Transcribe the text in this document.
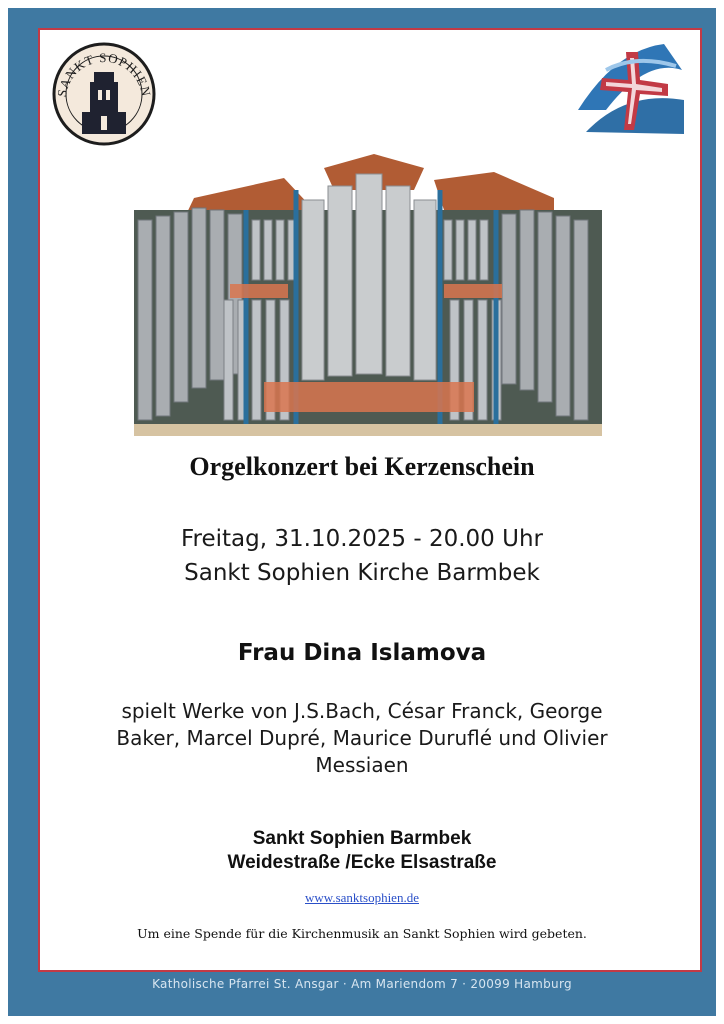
SANKT SOPHIEN
Orgelkonzert bei Kerzenschein
Freitag, 31.10.2025 - 20.00 Uhr
Sankt Sophien Kirche Barmbek
Frau Dina Islamova
spielt Werke von J.S.Bach, César Franck, George
Baker, Marcel Dupré, Maurice Duruflé und Olivier
Messiaen
Sankt Sophien Barmbek
Weidestraße /Ecke Elsastraße
www.sanktsophien.de
Um eine Spende für die Kirchenmusik an Sankt Sophien wird gebeten.
Katholische Pfarrei St. Ansgar · Am Mariendom 7 · 20099 Hamburg
